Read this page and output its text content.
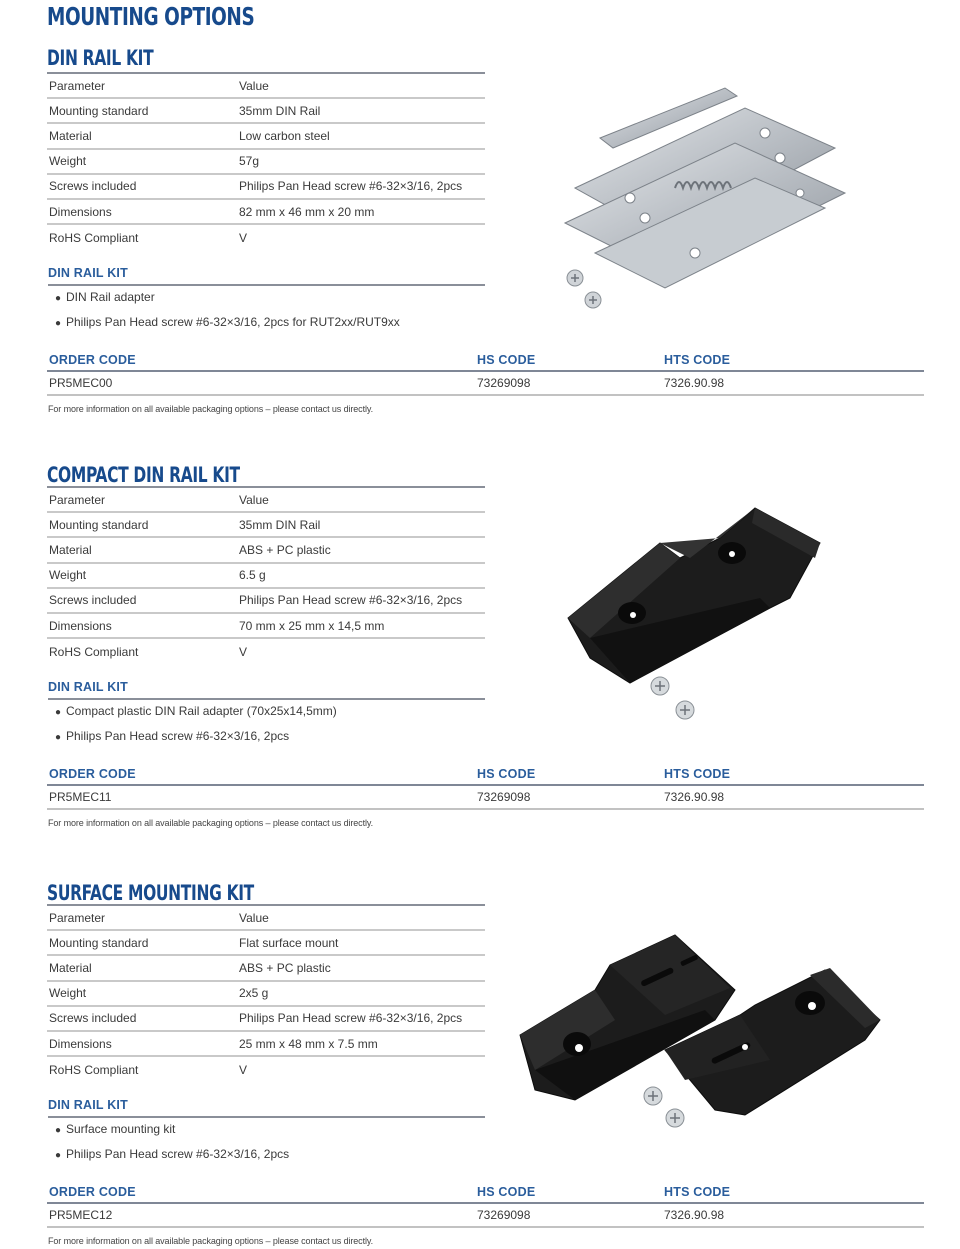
MOUNTING OPTIONS
DIN RAIL KIT
Parameter	Value
Mounting standard	35mm DIN Rail
Material	Low carbon steel
Weight	57g
Screws included	Philips Pan Head screw #6-32×3/16, 2pcs
Dimensions	82 mm x 46 mm x 20 mm
RoHS Compliant	V
DIN RAIL KIT
● DIN Rail adapter
● Philips Pan Head screw #6-32×3/16, 2pcs for RUT2xx/RUT9xx
ORDER CODE	HS CODE	HTS CODE
PR5MEC00	73269098	7326.90.98
For more information on all available packaging options – please contact us directly.
COMPACT DIN RAIL KIT
Parameter	Value
Mounting standard	35mm DIN Rail
Material	ABS + PC plastic
Weight	6.5 g
Screws included	Philips Pan Head screw #6-32×3/16, 2pcs
Dimensions	70 mm x 25 mm x 14,5 mm
RoHS Compliant	V
DIN RAIL KIT
● Compact plastic DIN Rail adapter (70x25x14,5mm)
● Philips Pan Head screw #6-32×3/16, 2pcs
ORDER CODE	HS CODE	HTS CODE
PR5MEC11	73269098	7326.90.98
For more information on all available packaging options – please contact us directly.
SURFACE MOUNTING KIT
Parameter	Value
Mounting standard	Flat surface mount
Material	ABS + PC plastic
Weight	2x5 g
Screws included	Philips Pan Head screw #6-32×3/16, 2pcs
Dimensions	25 mm x 48 mm x 7.5 mm
RoHS Compliant	V
DIN RAIL KIT
● Surface mounting kit
● Philips Pan Head screw #6-32×3/16, 2pcs
ORDER CODE	HS CODE	HTS CODE
PR5MEC12	73269098	7326.90.98
For more information on all available packaging options – please contact us directly.
